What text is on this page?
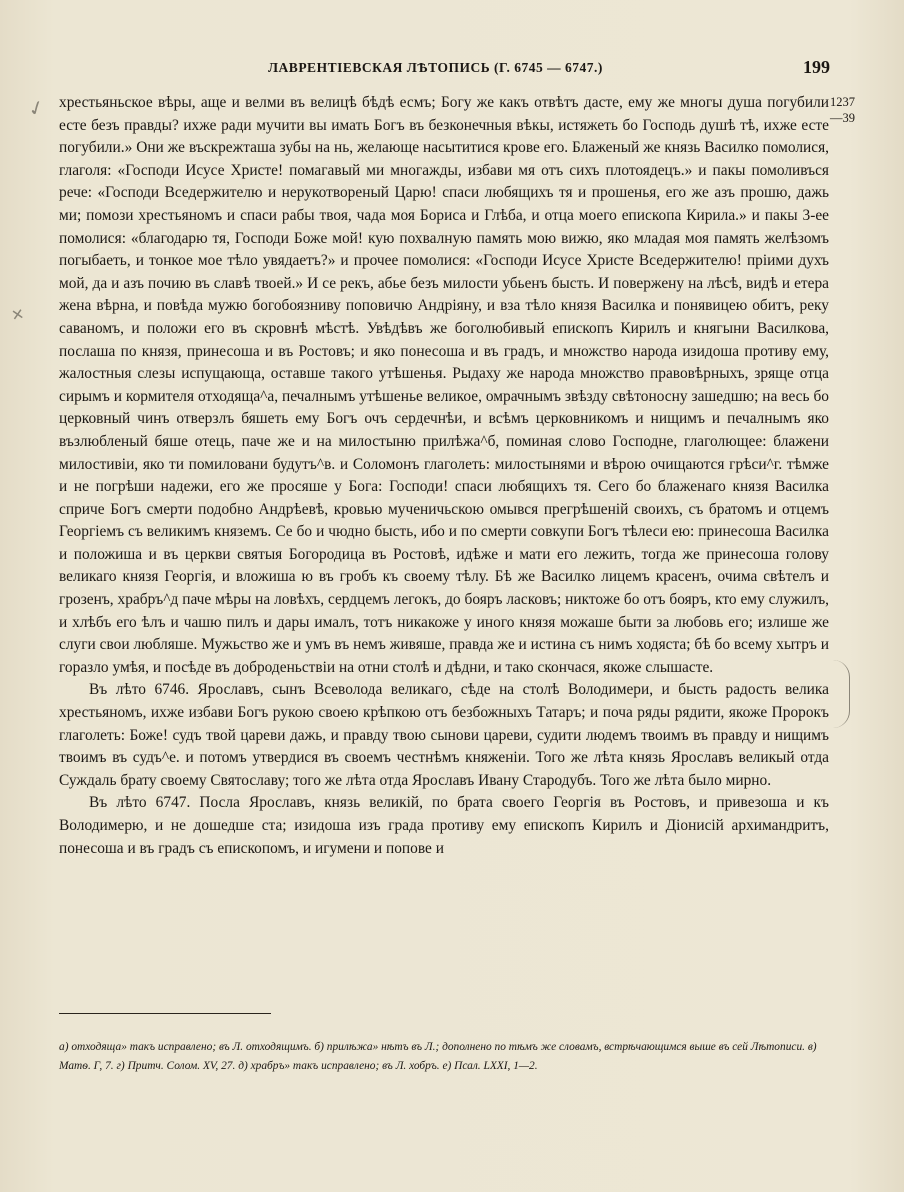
ЛАВРЕНТІЕВСКАЯ ЛѢТОПИСЬ (Г. 6745 — 6747.)	199
1237
—39
✓
+

хрестьяньское вѣры, аще и велми въ велицѣ бѣдѣ есмъ; Богу же какъ отвѣтъ дасте, ему же многы душа погубили есте безъ правды? ихже ради мучити вы имать Богъ въ безконечныя вѣкы, истяжеть бо Господь душѣ тѣ, ихже есте погубили.» Они же въскрежташа зубы на нь, желающе насытитися крове его. Блаженый же князь Василко помолися, глаголя: «Господи Исусе Христе! помагавый ми многажды, избави мя отъ сихъ плотоядецъ.» и пакы помоливъся рече: «Господи Вседержителю и нерукотвореный Царю! спаси любящихъ тя и прошенья, его же азъ прошю, дажь ми; помози хрестьяномъ и спаси рабы твоя, чада моя Бориса и Глѣба, и отца моего епископа Кирила.» и пакы 3-ее помолися: «благодарю тя, Господи Боже мой! кую похвалную память мою вижю, яко младая моя память желѣзомъ погыбаеть, и тонкое мое тѣло увядаетъ?» и прочее помолися: «Господи Исусе Христе Вседержителю! пріими духъ мой, да и азъ почию въ славѣ твоей.» И се рекъ, абье безъ милости убьенъ бысть. И повержену на лѣсѣ, видѣ и етера жена вѣрна, и повѣда мужю богобоязниву поповичю Андріяну, и вза тѣло князя Василка и понявицею обитъ, реку саваномъ, и положи его въ скровнѣ мѣстѣ. Увѣдѣвъ же боголюбивый епископъ Кирилъ и княгыни Василкова, послаша по князя, принесоша и въ Ростовъ; и яко понесоша и въ градъ, и множство народа изидоша противу ему, жалостныя слезы испущающа, оставше такого утѣшенья. Рыдаху же народа множство правовѣрныхъ, зряще отца сирымъ и кормителя отходяща^а, печалнымъ утѣшенье великое, омрачнымъ звѣзду свѣтоносну зашедшю; на весь бо церковный чинъ отверзлъ бяшеть ему Богъ очъ сердечнѣи, и всѣмъ церковникомъ и нищимъ и печалнымъ яко възлюбленый бяше отець, паче же и на милостыню прилѣжа^б, поминая слово Господне, глаголющее: блажени милостивіи, яко ти помиловани будутъ^в. и Соломонъ глаголеть: милостынями и вѣрою очищаются грѣси^г. тѣмже и не погрѣши надежи, его же просяше у Бога: Господи! спаси любящихъ тя. Сего бо блаженаго князя Василка сприче Богъ смерти подобно Андрѣевѣ, кровью мученичьскою омывся прегрѣшеній своихъ, съ братомъ и отцемъ Георгіемъ съ великимъ княземъ. Се бо и чюдно бысть, ибо и по смерти совкупи Богъ тѣлеси ею: принесоша Василка и положиша и въ церкви святыя Богородица въ Ростовѣ, идѣже и мати его лежить, тогда же принесоша голову великаго князя Георгія, и вложиша ю въ гробъ къ своему тѣлу. Бѣ же Василко лицемъ красенъ, очима свѣтелъ и грозенъ, храбръ^д паче мѣры на ловѣхъ, сердцемъ легокъ, до бояръ ласковъ; никтоже бо отъ бояръ, кто ему служилъ, и хлѣбъ его ѣлъ и чашю пилъ и дары ималъ, тотъ никакоже у иного князя можаше быти за любовь его; излише же слуги свои любляше. Мужьство же и умъ въ немъ живяше, правда же и истина съ нимъ ходяста; бѣ бо всему хытръ и горазло умѣя, и посѣде въ доброденьствіи на отни столѣ и дѣдни, и тако скончася, якоже слышасте.

Въ лѣто 6746. Ярославъ, сынъ Всеволода великаго, сѣде на столѣ Володимери, и бысть радость велика хрестьяномъ, ихже избави Богъ рукою своею крѣпкою отъ безбожныхъ Татаръ; и поча ряды рядити, якоже Пророкъ глаголеть: Боже! судъ твой цареви дажь, и правду твою сынови цареви, судити людемъ твоимъ въ правду и нищимъ твоимъ въ судъ^е. и потомъ утвердися въ своемъ честнѣмъ княженіи. Того же лѣта князь Ярославъ великый отда Суждаль брату своему Святославу; того же лѣта отда Ярославъ Ивану Стародубъ. Того же лѣта было мирно.

Въ лѣто 6747. Посла Ярославъ, князь великій, по брата своего Георгія въ Ростовъ, и привезоша и къ Володимерю, и не дошедше ста; изидоша изъ града противу ему епископъ Кирилъ и Діонисій архимандритъ, понесоша и въ градъ съ епископомъ, и игумени и попове и

а) отходяща» такъ исправлено; въ Л. отходящимъ. б) прилѣжа» нѣтъ въ Л.; дополнено по тѣмъ же словамъ, встрѣчающимся выше въ сей Лѣтописи. в) Матѳ. Г, 7. г) Притч. Солом. XV, 27. д) храбръ» такъ исправлено; въ Л. хобръ. е) Псал. LXXI, 1—2.
